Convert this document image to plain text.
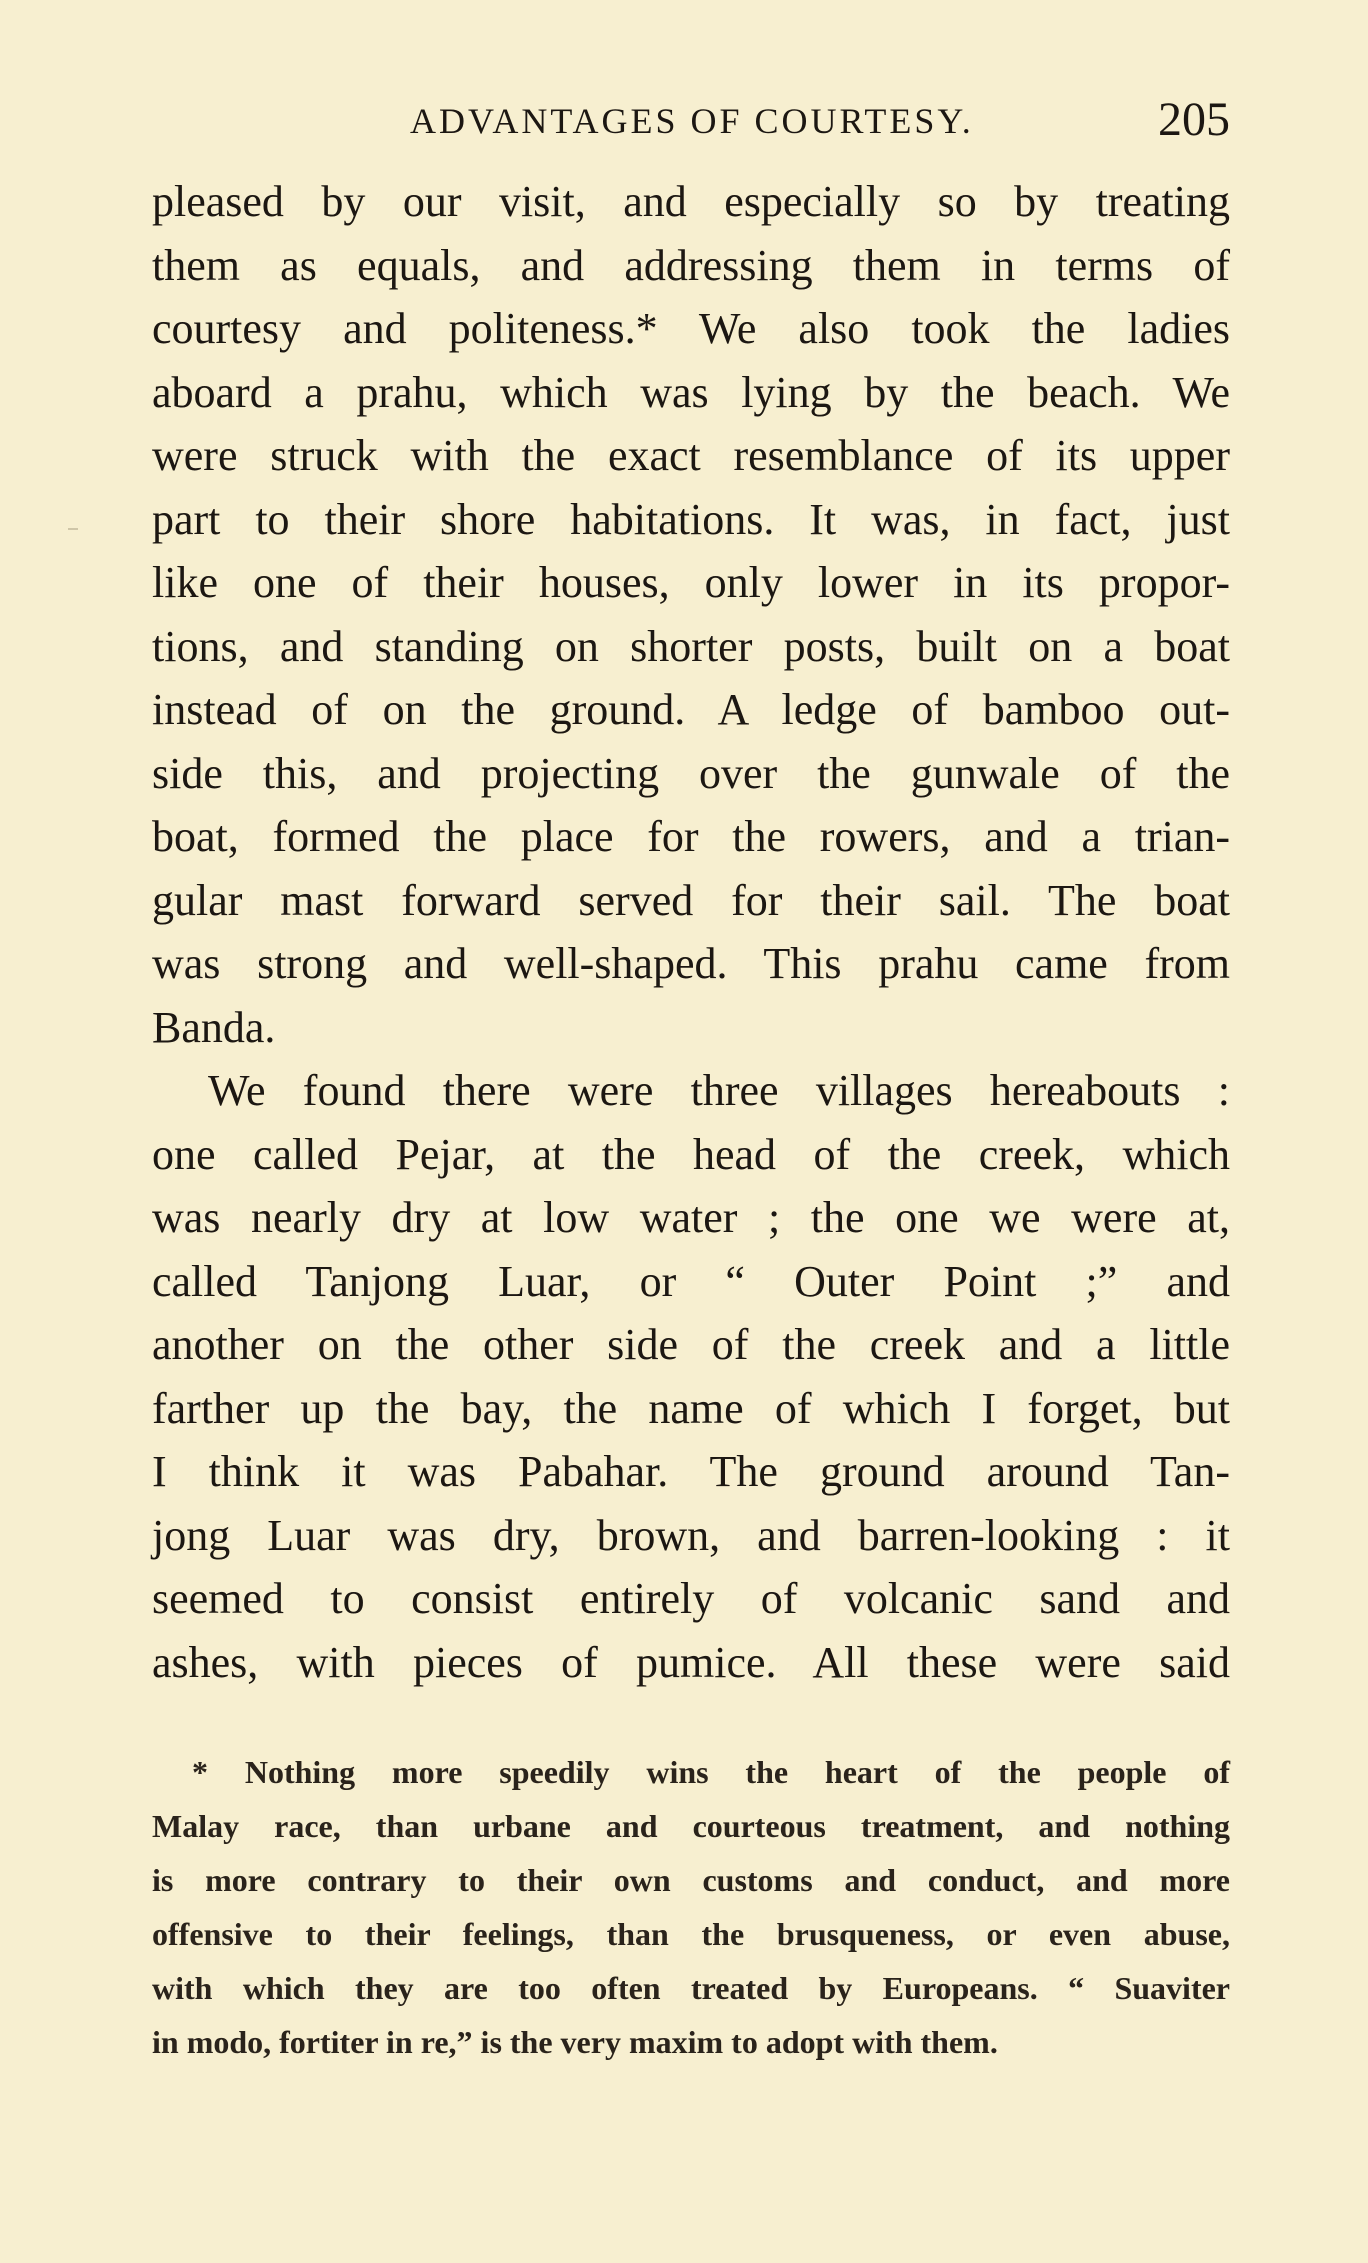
ADVANTAGES OF COURTESY.	205
pleased by our visit, and especially so by treating
them as equals, and addressing them in terms of
courtesy and politeness.* We also took the ladies
aboard a prahu, which was lying by the beach. We
were struck with the exact resemblance of its upper
part to their shore habitations. It was, in fact, just
like one of their houses, only lower in its propor-
tions, and standing on shorter posts, built on a boat
instead of on the ground. A ledge of bamboo out-
side this, and projecting over the gunwale of the
boat, formed the place for the rowers, and a trian-
gular mast forward served for their sail. The boat
was strong and well-shaped. This prahu came from
Banda.
We found there were three villages hereabouts :
one called Pejar, at the head of the creek, which
was nearly dry at low water ; the one we were at,
called Tanjong Luar, or “ Outer Point ;” and
another on the other side of the creek and a little
farther up the bay, the name of which I forget, but
I think it was Pabahar. The ground around Tan-
jong Luar was dry, brown, and barren-looking : it
seemed to consist entirely of volcanic sand and
ashes, with pieces of pumice. All these were said
* Nothing more speedily wins the heart of the people of
Malay race, than urbane and courteous treatment, and nothing
is more contrary to their own customs and conduct, and more
offensive to their feelings, than the brusqueness, or even abuse,
with which they are too often treated by Europeans. “ Suaviter
in modo, fortiter in re,” is the very maxim to adopt with them.
